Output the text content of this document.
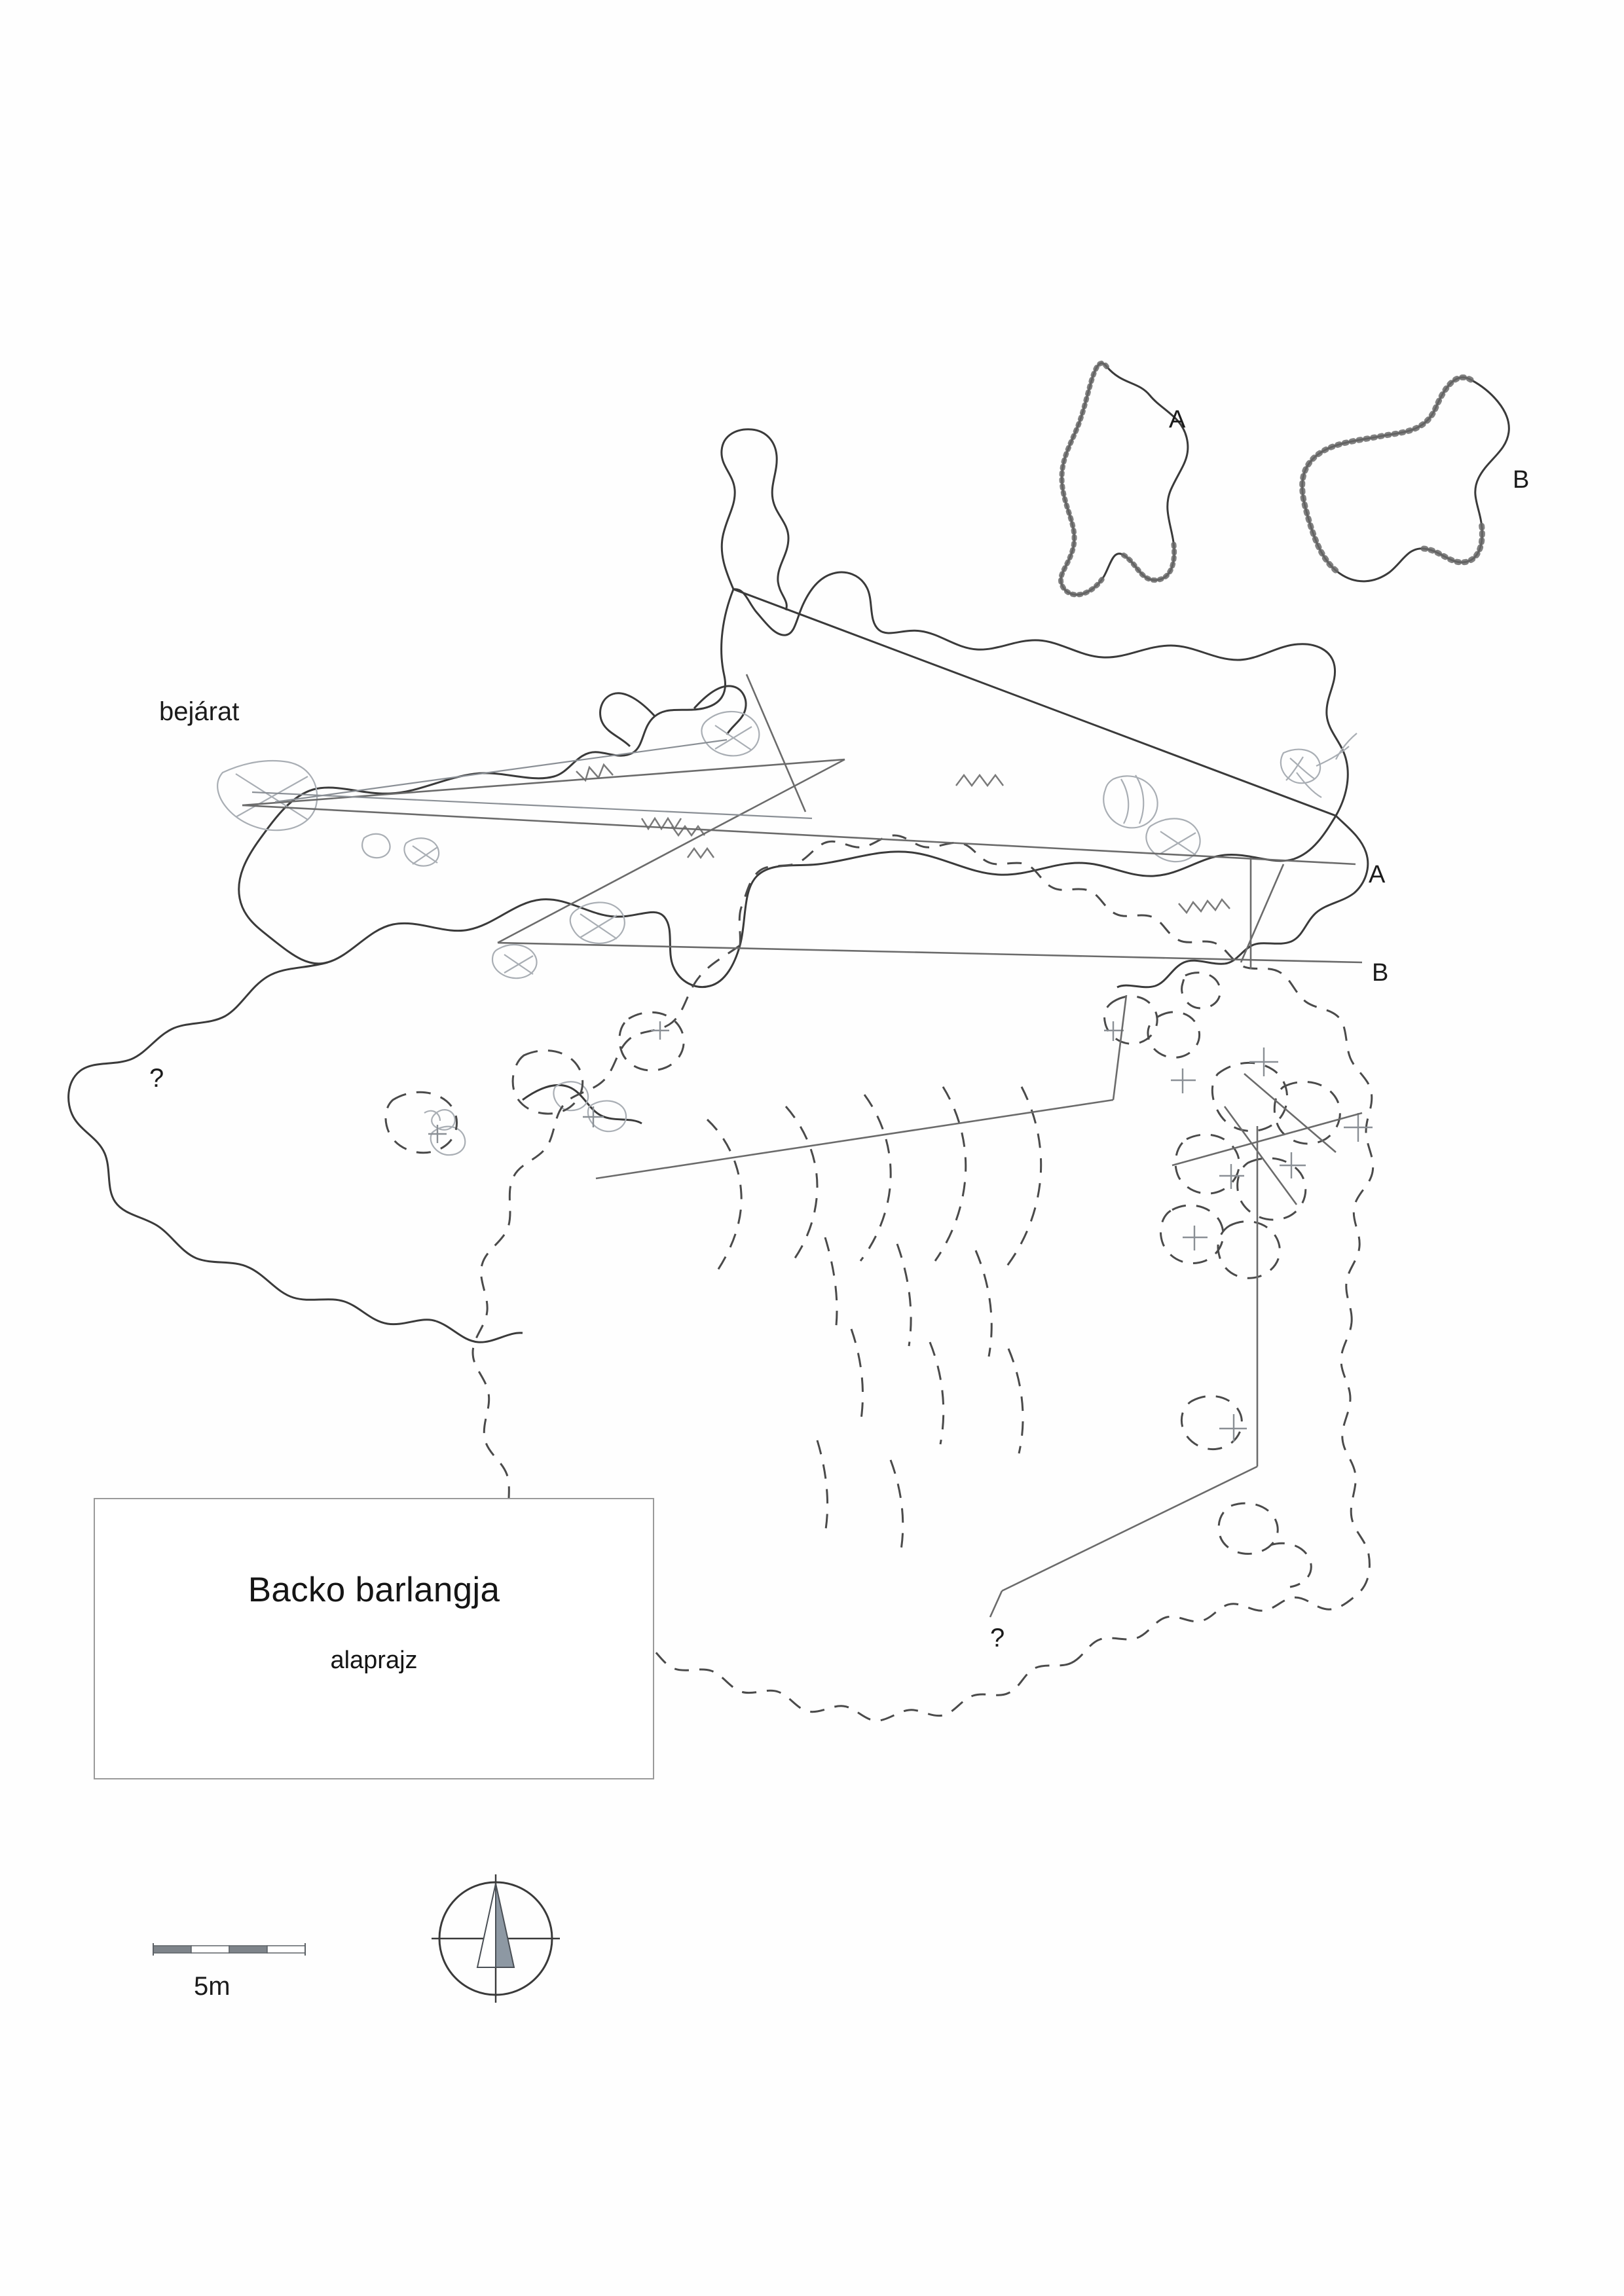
A
B
A
B
bejárat
?
?
Backo barlangja
alaprajz
5m
